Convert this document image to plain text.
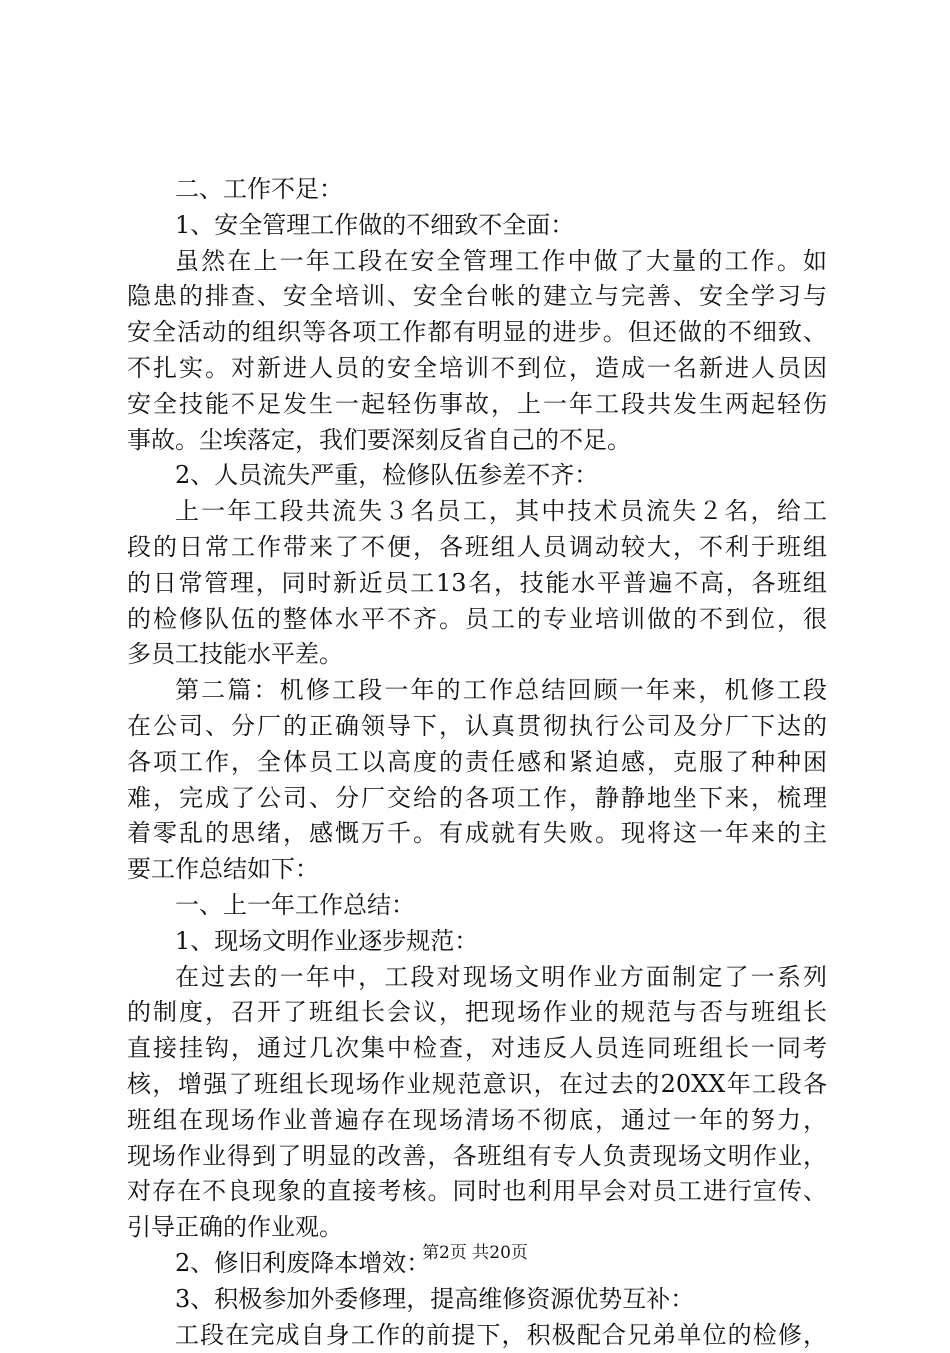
二、工作不足：
1、安全管理工作做的不细致不全面：
虽然在上一年工段在安全管理工作中做了大量的工作。如
隐患的排查、安全培训、安全台帐的建立与完善、安全学习与
安全活动的组织等各项工作都有明显的进步。但还做的不细致、
不扎实。对新进人员的安全培训不到位，造成一名新进人员因
安全技能不足发生一起轻伤事故，上一年工段共发生两起轻伤
事故。尘埃落定，我们要深刻反省自己的不足。
2、人员流失严重，检修队伍参差不齐：
上一年工段共流失３名员工，其中技术员流失２名，给工
段的日常工作带来了不便，各班组人员调动较大，不利于班组
的日常管理，同时新近员工13名，技能水平普遍不高，各班组
的检修队伍的整体水平不齐。员工的专业培训做的不到位，很
多员工技能水平差。
第二篇：机修工段一年的工作总结回顾一年来，机修工段
在公司、分厂的正确领导下，认真贯彻执行公司及分厂下达的
各项工作，全体员工以高度的责任感和紧迫感，克服了种种困
难，完成了公司、分厂交给的各项工作，静静地坐下来，梳理
着零乱的思绪，感慨万千。有成就有失败。现将这一年来的主
要工作总结如下：
一、上一年工作总结：
1、现场文明作业逐步规范：
在过去的一年中，工段对现场文明作业方面制定了一系列
的制度，召开了班组长会议，把现场作业的规范与否与班组长
直接挂钩，通过几次集中检查，对违反人员连同班组长一同考
核，增强了班组长现场作业规范意识，在过去的20XX年工段各
班组在现场作业普遍存在现场清场不彻底，通过一年的努力，
现场作业得到了明显的改善，各班组有专人负责现场文明作业，
对存在不良现象的直接考核。同时也利用早会对员工进行宣传、
引导正确的作业观。
2、修旧利废降本增效：
3、积极参加外委修理，提高维修资源优势互补：
工段在完成自身工作的前提下，积极配合兄弟单位的检修，
第2页 共20页
